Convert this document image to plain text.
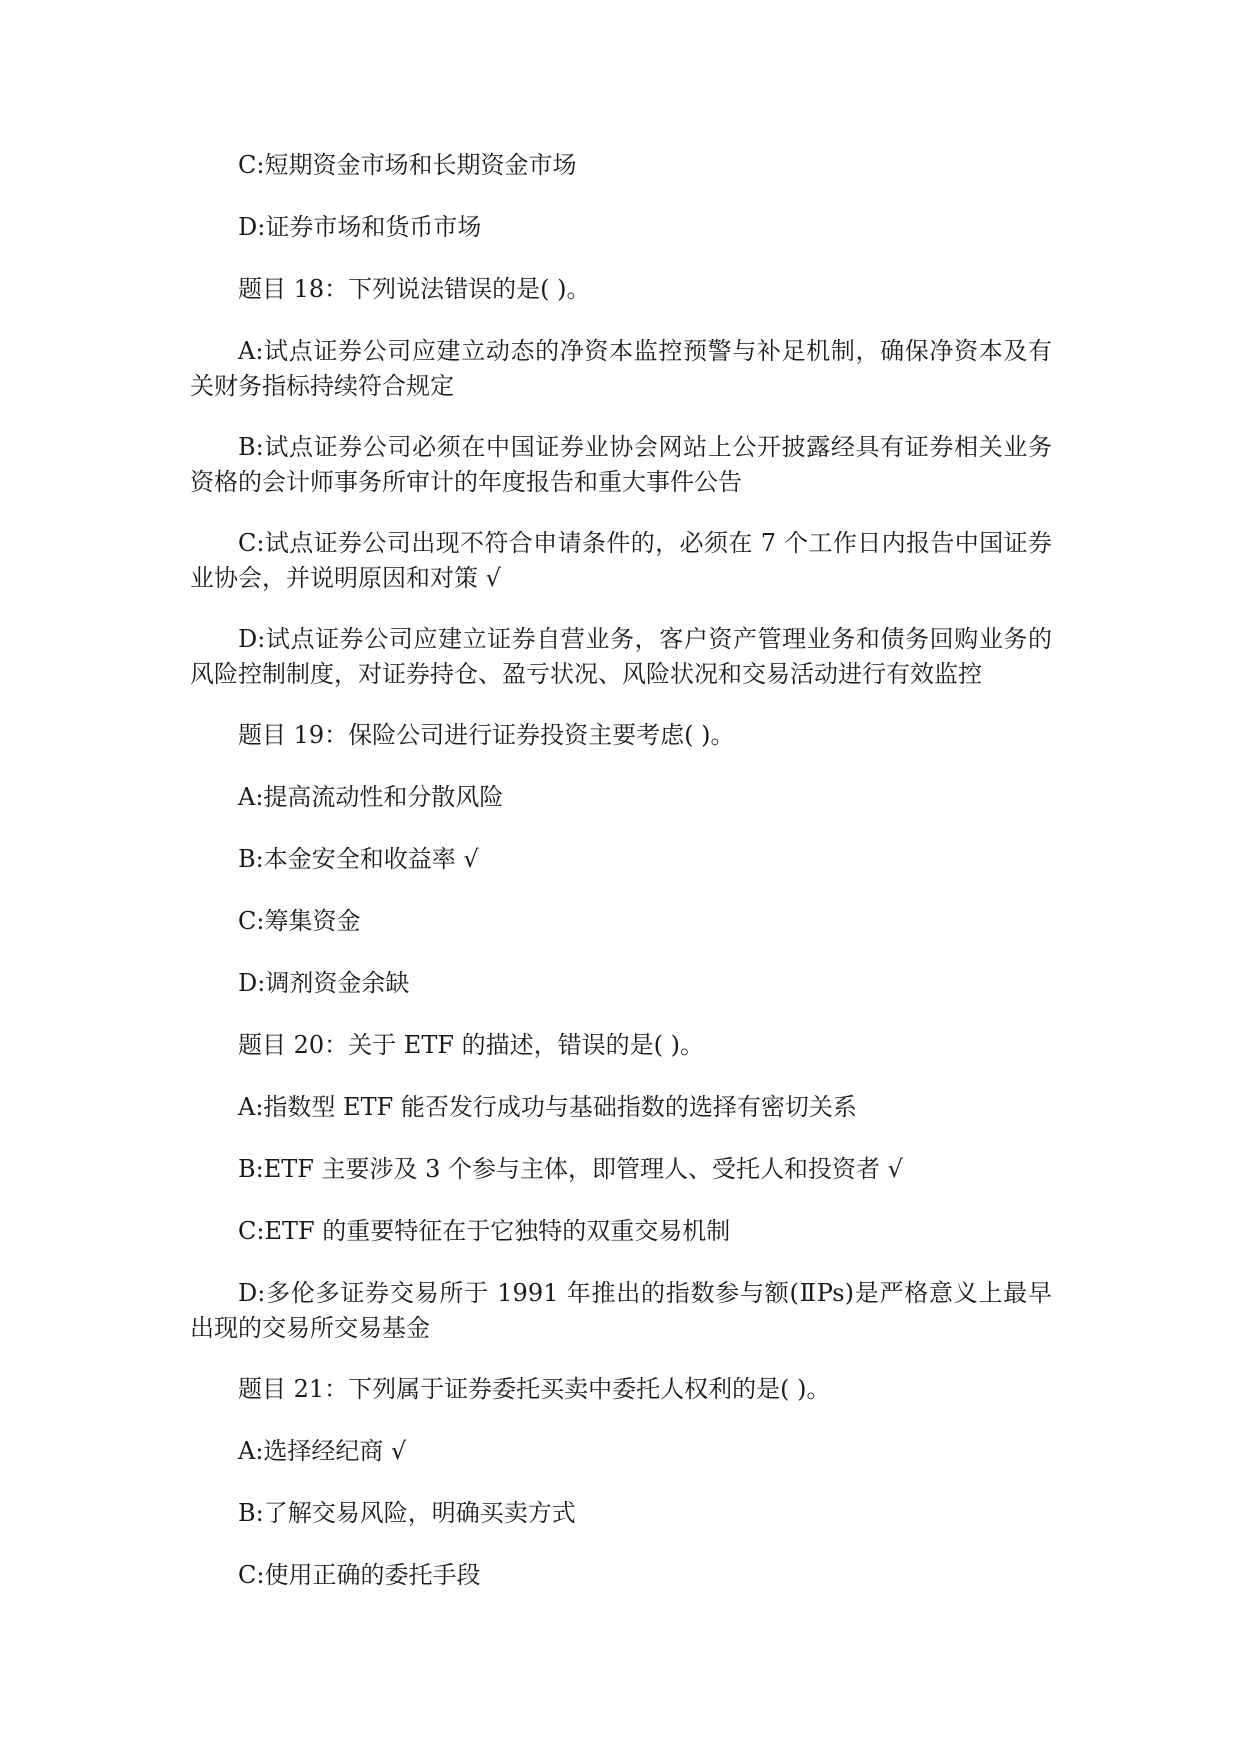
C:短期资金市场和长期资金市场

D:证券市场和货币市场

题目 18：下列说法错误的是( )。

A:试点证券公司应建立动态的净资本监控预警与补足机制，确保净资本及有关财务指标持续符合规定

B:试点证券公司必须在中国证券业协会网站上公开披露经具有证券相关业务资格的会计师事务所审计的年度报告和重大事件公告

C:试点证券公司出现不符合申请条件的，必须在 7 个工作日内报告中国证券业协会，并说明原因和对策 √

D:试点证券公司应建立证券自营业务，客户资产管理业务和债务回购业务的风险控制制度，对证券持仓、盈亏状况、风险状况和交易活动进行有效监控

题目 19：保险公司进行证券投资主要考虑( )。

A:提高流动性和分散风险

B:本金安全和收益率 √

C:筹集资金

D:调剂资金余缺

题目 20：关于 ETF 的描述，错误的是( )。

A:指数型 ETF 能否发行成功与基础指数的选择有密切关系

B:ETF 主要涉及 3 个参与主体，即管理人、受托人和投资者 √

C:ETF 的重要特征在于它独特的双重交易机制

D:多伦多证券交易所于 1991 年推出的指数参与额(ⅡPs)是严格意义上最早出现的交易所交易基金

题目 21：下列属于证券委托买卖中委托人权利的是( )。

A:选择经纪商 √

B:了解交易风险，明确买卖方式

C:使用正确的委托手段
